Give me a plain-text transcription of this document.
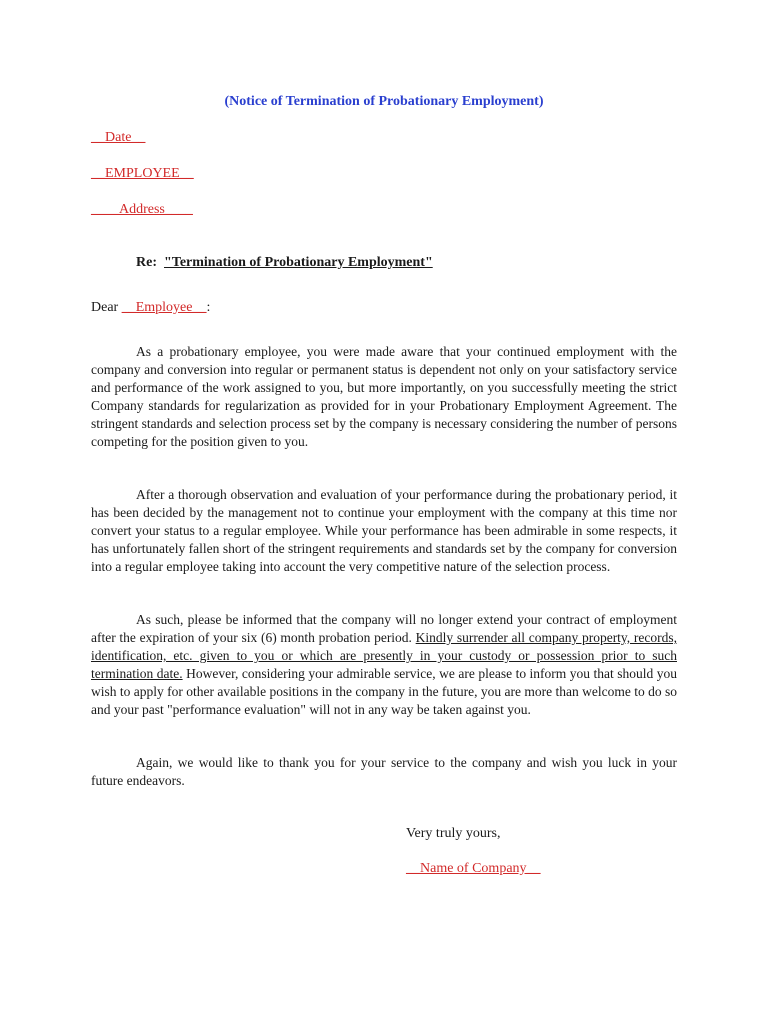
(Notice of Termination of Probationary Employment)
__Date__
__EMPLOYEE__
____Address____
Re:  "Termination of Probationary Employment"
Dear __Employee__:

As a probationary employee, you were made aware that your continued employment with the company and conversion into regular or permanent status is dependent not only on your satisfactory service and performance of the work assigned to you, but more importantly, on you successfully meeting the strict Company standards for regularization as provided for in your Probationary Employment Agreement. The stringent standards and selection process set by the company is necessary considering the number of persons competing for the position given to you.

After a thorough observation and evaluation of your performance during the probationary period, it has been decided by the management not to continue your employment with the company at this time nor convert your status to a regular employee. While your performance has been admirable in some respects, it has unfortunately fallen short of the stringent requirements and standards set by the company for conversion into a regular employee taking into account the very competitive nature of the selection process.

As such, please be informed that the company will no longer extend your contract of employment after the expiration of your six (6) month probation period. Kindly surrender all company property, records, identification, etc. given to you or which are presently in your custody or possession prior to such termination date. However, considering your admirable service, we are please to inform you that should you wish to apply for other available positions in the company in the future, you are more than welcome to do so and your past "performance evaluation" will not in any way be taken against you.

Again, we would like to thank you for your service to the company and wish you luck in your future endeavors.

Very truly yours,
__Name of Company__
